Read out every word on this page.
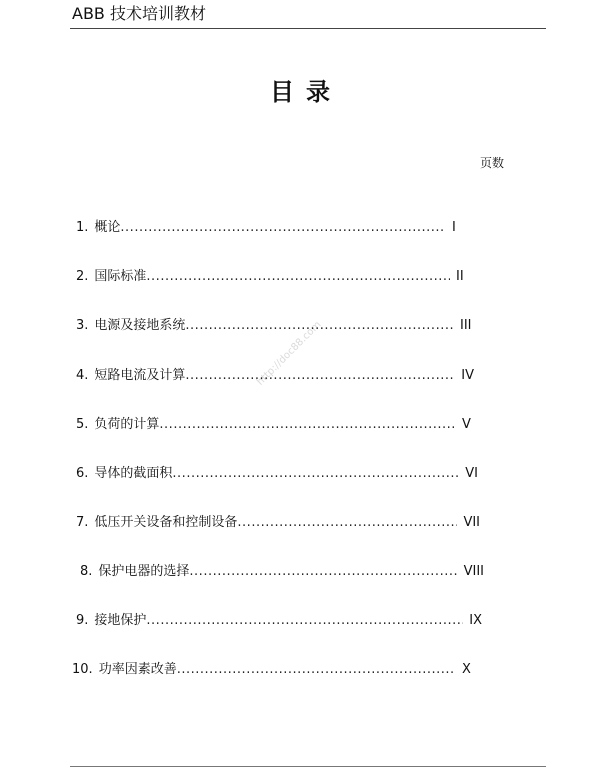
ABB 技术培训教材
目录
页数
http://doc88.com
1. 概论 .....	I
2. 国际标准 .....	II
3. 电源及接地系统 .....	III
4. 短路电流及计算 .....	IV
5. 负荷的计算 .....	V
6. 导体的截面积 .....	VI
7. 低压开关设备和控制设备 .....	VII
8. 保护电器的选择 .....	VIII
9. 接地保护 .....	IX
10. 功率因素改善 .....	X
